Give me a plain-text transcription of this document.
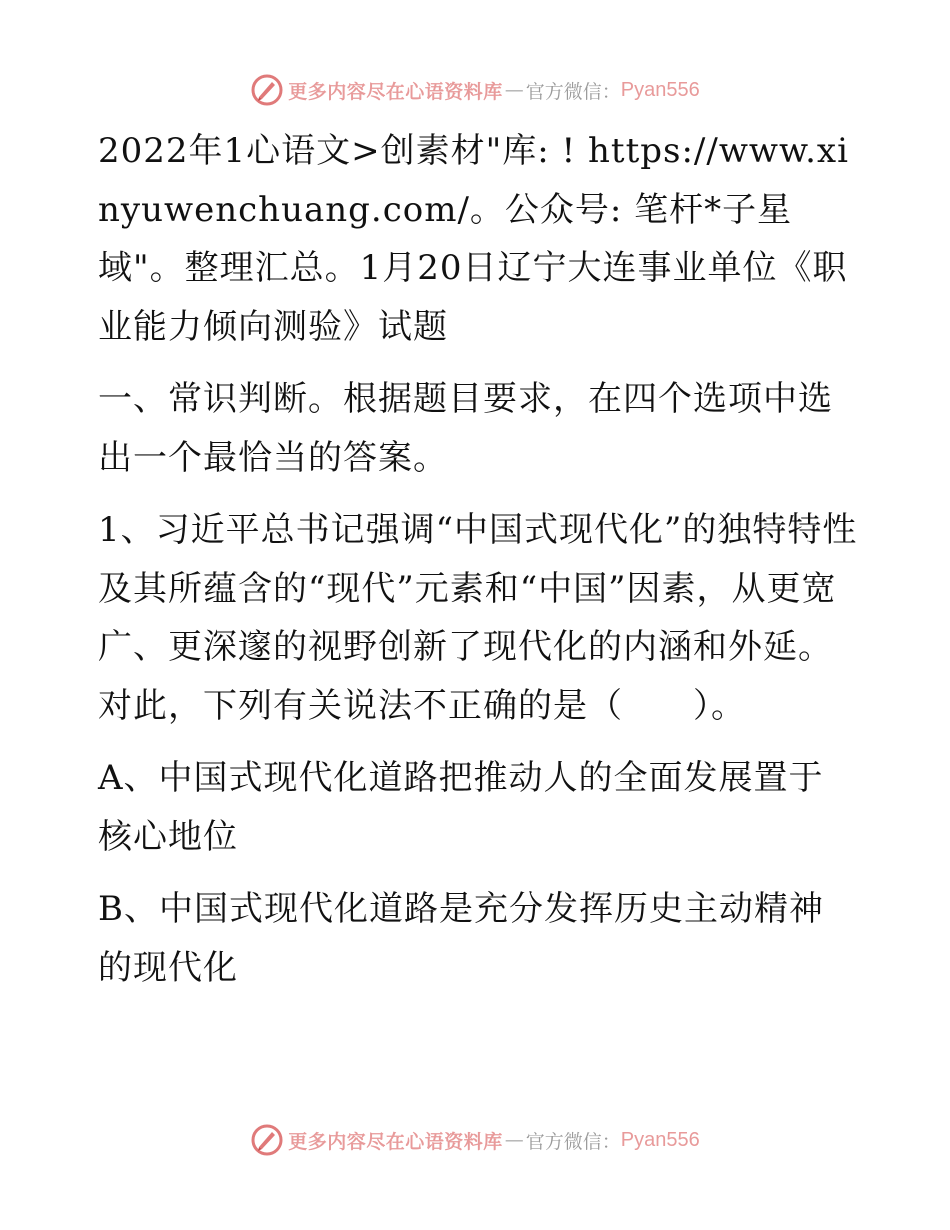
更多内容尽在心语资料库 — 官方微信： Pyan556

2022年1心语文>创素材"库: ! https://www.xinyuwenchuang.com/。公众号: 笔杆*子星域"。整理汇总。1月20日辽宁大连事业单位《职业能力倾向测验》试题

一、常识判断。根据题目要求，在四个选项中选出一个最恰当的答案。

1、习近平总书记强调“中国式现代化”的独特特性及其所蕴含的“现代”元素和“中国”因素，从更宽广、更深邃的视野创新了现代化的内涵和外延。对此，下列有关说法不正确的是（　　）。

A、中国式现代化道路把推动人的全面发展置于核心地位

B、中国式现代化道路是充分发挥历史主动精神的现代化

更多内容尽在心语资料库 — 官方微信： Pyan556
